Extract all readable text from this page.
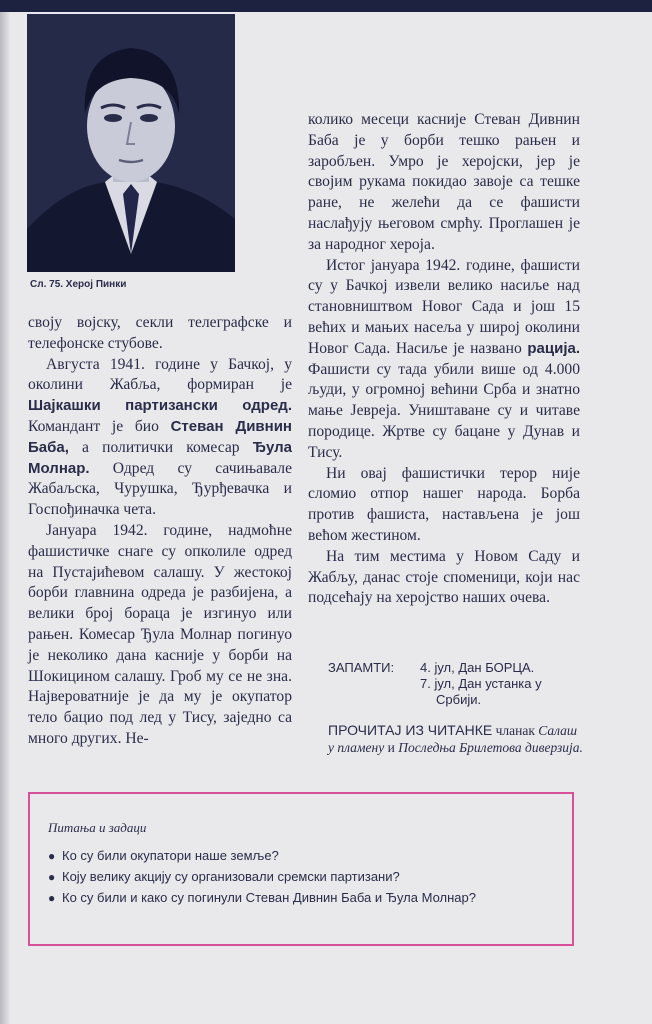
Сл. 75. Херој Пинки

своју војску, секли телеграфске и телефонске стубове.

Августа 1941. године у Бачкој, у околини Жабља, формиран је Шајкашки партизански одред. Командант је био Стеван Дивнин Баба, а политички комесар Ђула Молнар. Одред су сачињавале Жабаљска, Чурушка, Ђурђевачка и Госпођиначка чета.

Јануара 1942. године, надмоћне фашистичке снаге су опколиле одред на Пустајићевом салашу. У жестокој борби главнина одреда је разбијена, а велики број бораца је изгинуо или рањен. Комесар Ђула Молнар погинуо је неколико дана касније у борби на Шокицином салашу. Гроб му се не зна. Највероватније је да му је окупатор тело бацио под лед у Тису, заједно са много других. Не-

колико месеци касније Стеван Дивнин Баба је у борби тешко рањен и заробљен. Умро је херојски, јер је својим рукама покидао завоје са тешке ране, не желећи да се фашисти наслађују његовом смрћу. Проглашен је за народног хероја.

Истог јануара 1942. године, фашисти су у Бачкој извели велико насиље над становништвом Новог Сада и још 15 већих и мањих насеља у широј околини Новог Сада. Насиље је названо рација. Фашисти су тада убили више од 4.000 људи, у огромној већини Срба и знатно мање Јевреја. Уништаване су и читаве породице. Жртве су бацане у Дунав и Тису.

Ни овај фашистички терор није сломио отпор нашег народа. Борба против фашиста, настављена је још већом жестином.

На тим местима у Новом Саду и Жабљу, данас стоје споменици, који нас подсећају на херојство наших очева.

ЗАПАМТИ: 4. јул, Дан БОРЦА.
7. јул, Дан устанка у Србији.
ПРОЧИТАЈ ИЗ ЧИТАНКЕ чланак Салаш у пламену и Последња Брилетова диверзија.
Питања и задаци
● Ко су били окупатори наше земље?
● Коју велику акцију су организовали сремски партизани?
● Ко су били и како су погинули Стеван Дивнин Баба и Ђула Молнар?
